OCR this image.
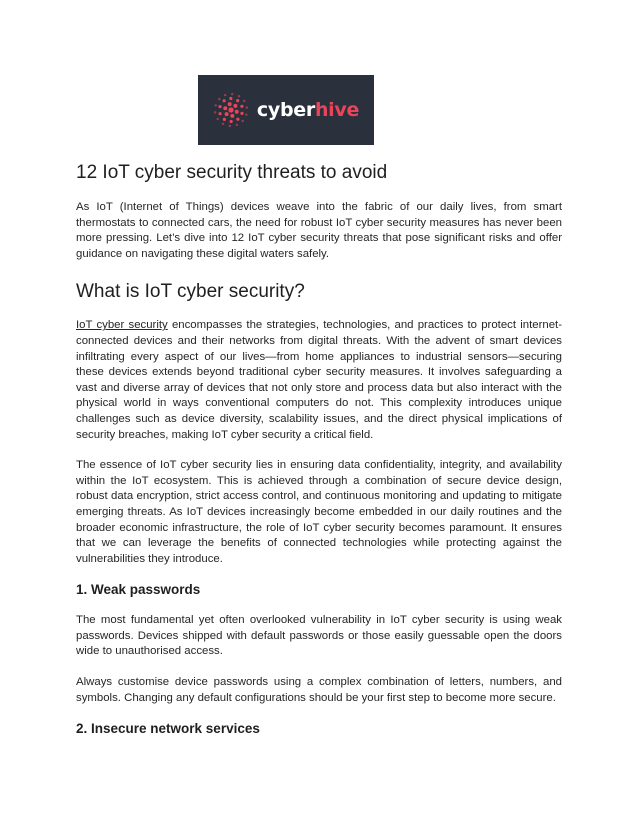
cyberhive
12 IoT cyber security threats to avoid

As IoT (Internet of Things) devices weave into the fabric of our daily lives, from smart thermostats to connected cars, the need for robust IoT cyber security measures has never been more pressing. Let’s dive into 12 IoT cyber security threats that pose significant risks and offer guidance on navigating these digital waters safely.

What is IoT cyber security?

IoT cyber security encompasses the strategies, technologies, and practices to protect internet-connected devices and their networks from digital threats. With the advent of smart devices infiltrating every aspect of our lives—from home appliances to industrial sensors—securing these devices extends beyond traditional cyber security measures. It involves safeguarding a vast and diverse array of devices that not only store and process data but also interact with the physical world in ways conventional computers do not. This complexity introduces unique challenges such as device diversity, scalability issues, and the direct physical implications of security breaches, making IoT cyber security a critical field.

The essence of IoT cyber security lies in ensuring data confidentiality, integrity, and availability within the IoT ecosystem. This is achieved through a combination of secure device design, robust data encryption, strict access control, and continuous monitoring and updating to mitigate emerging threats. As IoT devices increasingly become embedded in our daily routines and the broader economic infrastructure, the role of IoT cyber security becomes paramount. It ensures that we can leverage the benefits of connected technologies while protecting against the vulnerabilities they introduce.

1. Weak passwords

The most fundamental yet often overlooked vulnerability in IoT cyber security is using weak passwords. Devices shipped with default passwords or those easily guessable open the doors wide to unauthorised access.

Always customise device passwords using a complex combination of letters, numbers, and symbols. Changing any default configurations should be your first step to become more secure.

2. Insecure network services
